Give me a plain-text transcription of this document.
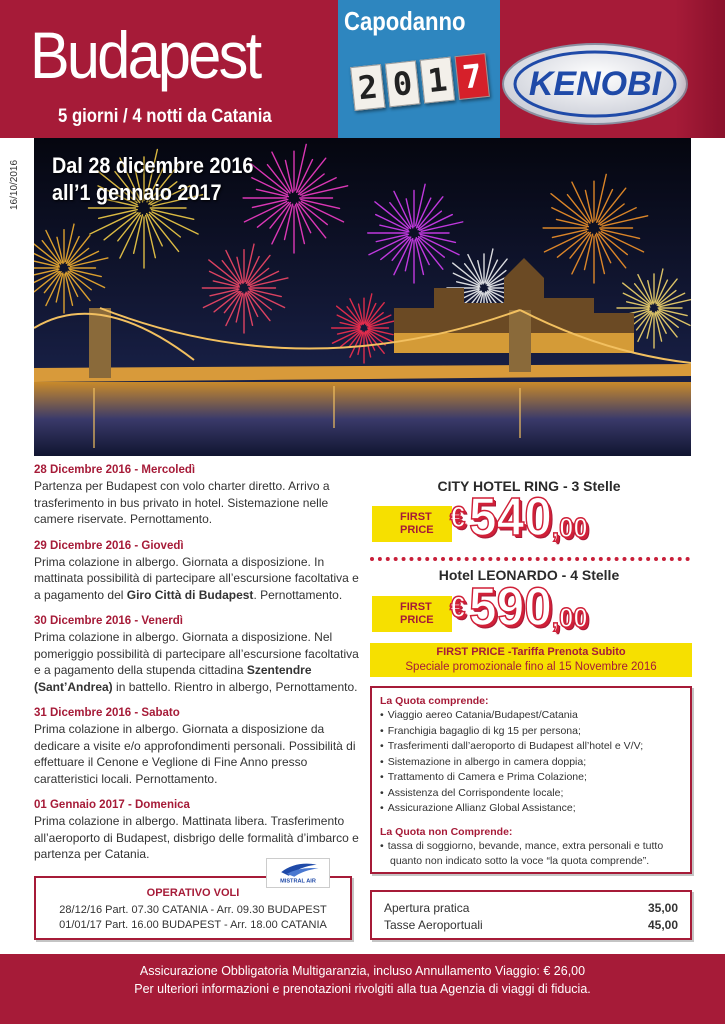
Budapest
5 giorni / 4 notti da Catania
Capodanno
2 0 1 7 KENOBI
16/10/2016 Dal 28 dicembre 2016
all’1 gennaio 2017
28 Dicembre 2016 - Mercoledì
Partenza per Budapest con volo charter diretto. Arrivo a trasferimento in bus privato in hotel. Sistemazione nelle camere riservate. Pernottamento.
29 Dicembre 2016 - Giovedì
Prima colazione in albergo. Giornata a disposizione. In mattinata possibilità di partecipare all’escursione facoltativa e a pagamento del Giro Città di Budapest. Pernottamento.
30 Dicembre 2016 - Venerdì
Prima colazione in albergo. Giornata a disposizione. Nel pomeriggio possibilità di partecipare all’escursione facoltativa e a pagamento della stupenda cittadina Szentendre (Sant’Andrea) in battello. Rientro in albergo, Pernottamento.
31 Dicembre 2016 - Sabato
Prima colazione in albergo. Giornata a disposizione da dedicare a visite e/o approfondimenti personali. Possibilità di effettuare il Cenone e Veglione di Fine Anno presso caratteristici locali. Pernottamento.
01 Gennaio 2017 - Domenica
Prima colazione in albergo. Mattinata libera. Trasferimento all’aeroporto di Budapest, disbrigo delle formalità d’imbarco e partenza per Catania.
CITY HOTEL RING - 3 Stelle
FIRST
PRICE €540,00
Hotel LEONARDO - 4 Stelle
FIRST
PRICE €590,00
FIRST PRICE -Tariffa Prenota Subito
Speciale promozionale fino al 15 Novembre 2016
La Quota comprende:
• Viaggio aereo Catania/Budapest/Catania
• Franchigia bagaglio di kg 15 per persona;
• Trasferimenti dall’aeroporto di Budapest all’hotel e V/V;
• Sistemazione in albergo in camera doppia;
• Trattamento di Camera e Prima Colazione;
• Assistenza del Corrispondente locale;
• Assicurazione Allianz Global Assistance;
La Quota non Comprende:
• tassa di soggiorno, bevande, mance, extra personali e tutto quanto non indicato sotto la voce “la quota comprende”.
OPERATIVO VOLI
28/12/16 Part. 07.30 CATANIA - Arr. 09.30 BUDAPEST
01/01/17 Part. 16.00 BUDAPEST - Arr. 18.00 CATANIA
MISTRAL AIR
Apertura pratica	35,00
Tasse Aeroportuali	45,00
Assicurazione Obbligatoria Multigaranzia, incluso Annullamento Viaggio: € 26,00
Per ulteriori informazioni e prenotazioni rivolgiti alla tua Agenzia di viaggi di fiducia.
